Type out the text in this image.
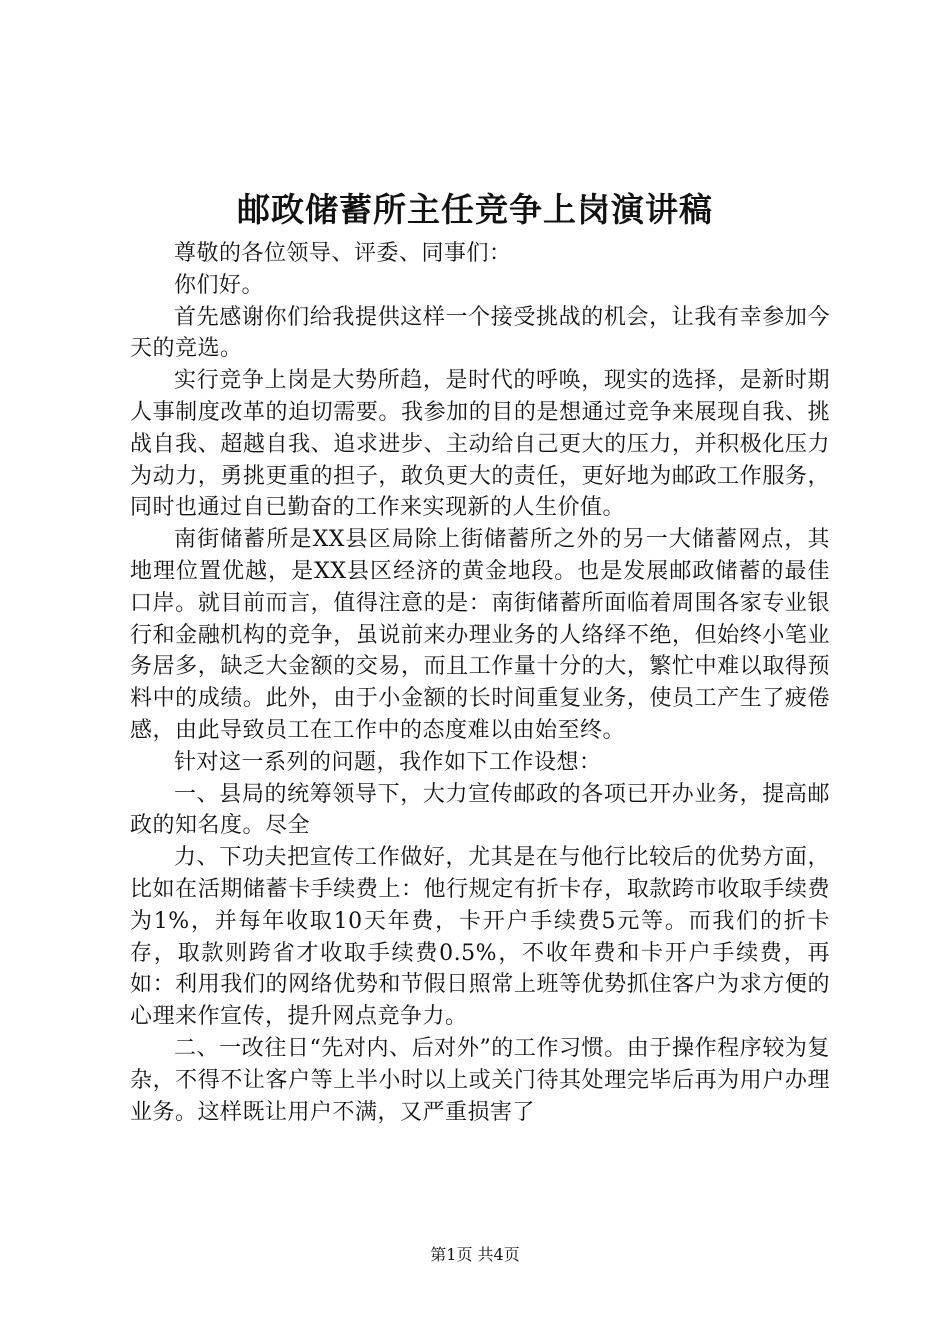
邮政储蓄所主任竞争上岗演讲稿

尊敬的各位领导、评委、同事们：

你们好。

首先感谢你们给我提供这样一个接受挑战的机会，让我有幸参加今天的竞选。

实行竞争上岗是大势所趋，是时代的呼唤，现实的选择，是新时期人事制度改革的迫切需要。我参加的目的是想通过竞争来展现自我、挑战自我、超越自我、追求进步、主动给自己更大的压力，并积极化压力为动力，勇挑更重的担子，敢负更大的责任，更好地为邮政工作服务，同时也通过自已勤奋的工作来实现新的人生价值。

南街储蓄所是XX县区局除上街储蓄所之外的另一大储蓄网点，其地理位置优越，是XX县区经济的黄金地段。也是发展邮政储蓄的最佳口岸。就目前而言，值得注意的是：南街储蓄所面临着周围各家专业银行和金融机构的竞争，虽说前来办理业务的人络绎不绝，但始终小笔业务居多，缺乏大金额的交易，而且工作量十分的大，繁忙中难以取得预料中的成绩。此外，由于小金额的长时间重复业务，使员工产生了疲倦感，由此导致员工在工作中的态度难以由始至终。

针对这一系列的问题，我作如下工作设想：

一、县局的统筹领导下，大力宣传邮政的各项已开办业务，提高邮政的知名度。尽全

力、下功夫把宣传工作做好，尤其是在与他行比较后的优势方面，比如在活期储蓄卡手续费上：他行规定有折卡存，取款跨市收取手续费为1%，并每年收取10天年费，卡开户手续费5元等。而我们的折卡存，取款则跨省才收取手续费0.5%，不收年费和卡开户手续费，再如：利用我们的网络优势和节假日照常上班等优势抓住客户为求方便的心理来作宣传，提升网点竞争力。

二、一改往日“先对内、后对外”的工作习惯。由于操作程序较为复杂，不得不让客户等上半小时以上或关门待其处理完毕后再为用户办理业务。这样既让用户不满，又严重损害了

第1页 共4页
